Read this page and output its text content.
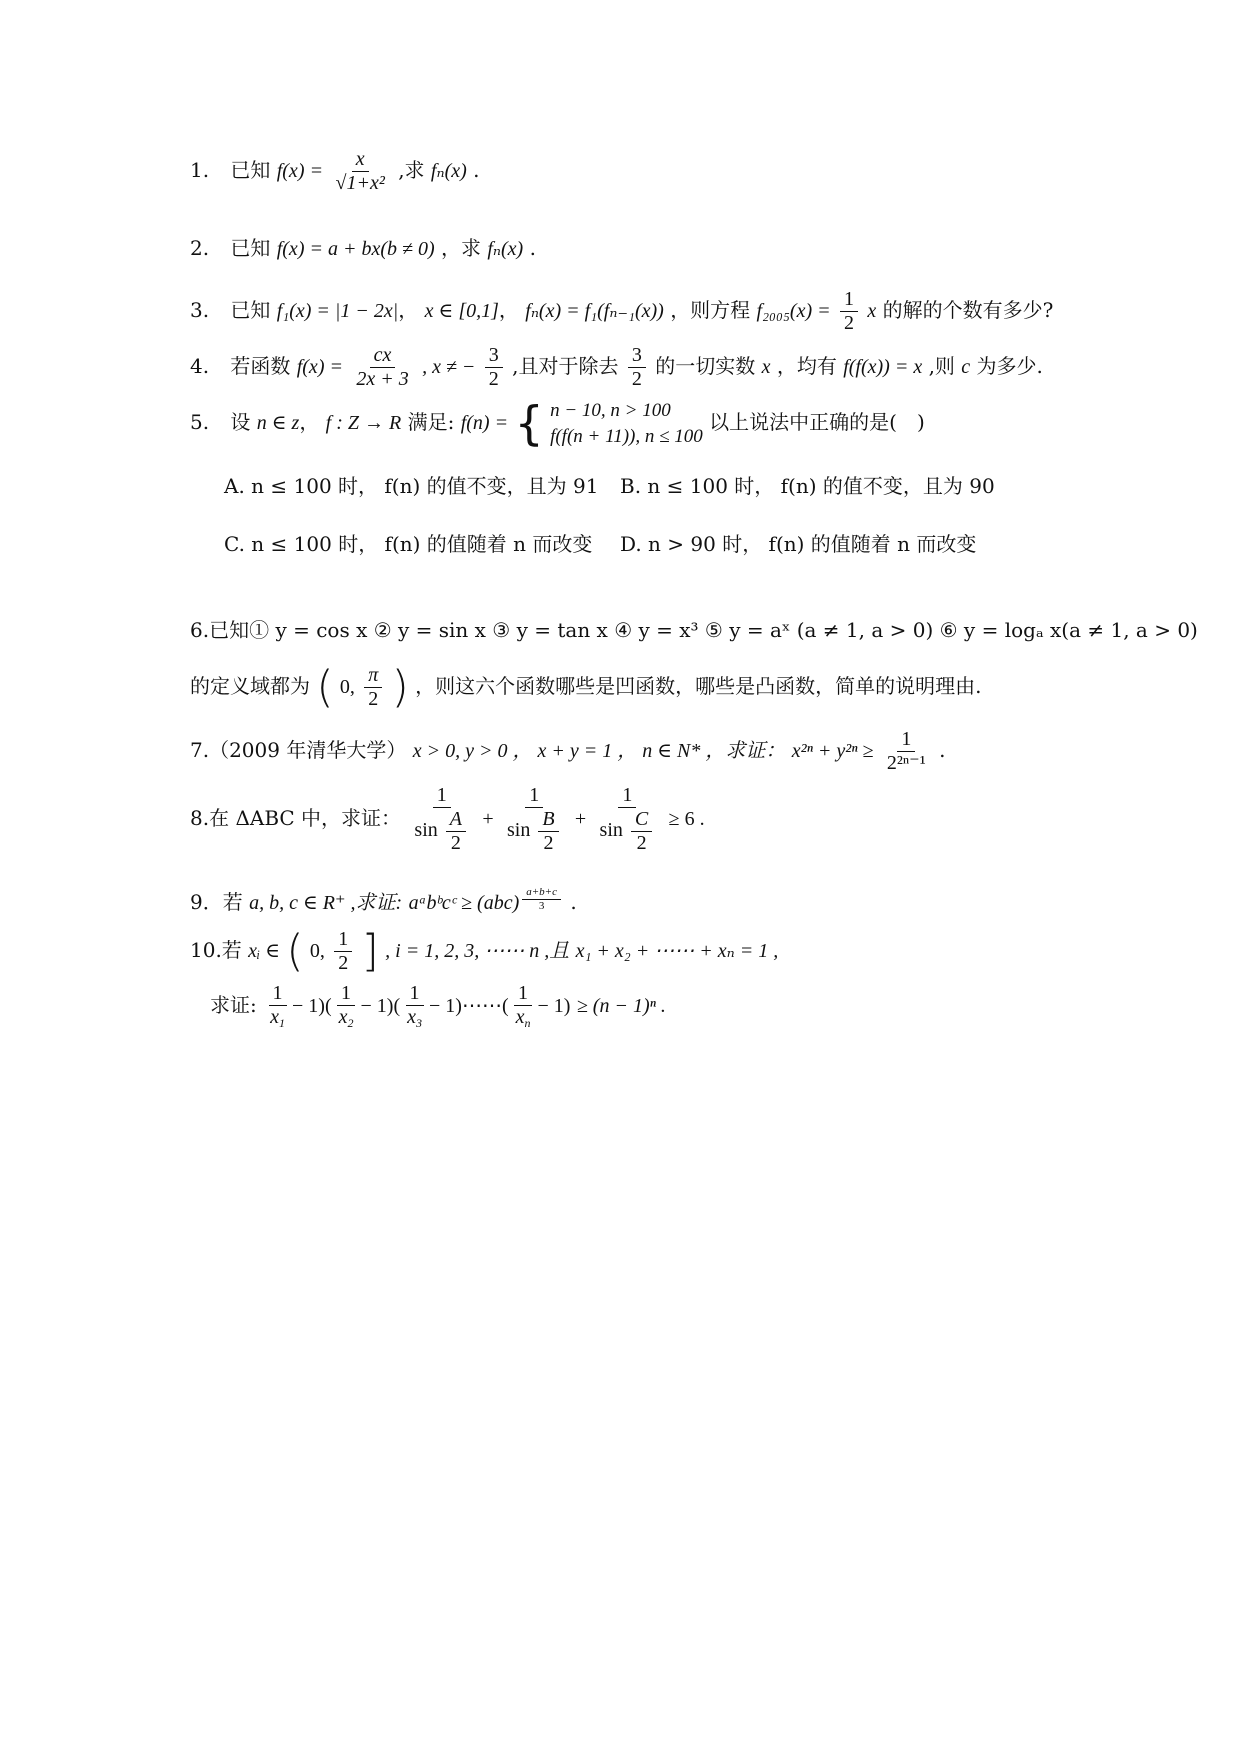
1. 已知 $f(x) = \frac{x}{\text{√1+x²}}$ ,求 fₙ(x) .
2. 已知 f(x) = a + bx(b ≠ 0) ，求 fₙ(x) .
3. 已知 f₁(x) = |1 − 2x|， x ∈ [0,1]， fₙ(x) = f₁(fₙ₋₁(x)) ，则方程 $f_{2005}(x) = \frac{1}{2}$ x 的解的个数有多少?
4. 若函数 $f(x) = \frac{cx}{2x + 3}$ , x ≠ − $\frac{3}{2}$ ,且对于除去 $\frac{3}{2}$ 的一切实数 x ，均有 f(f(x)) = x ,则 c 为多少.
5. 设 n ∈ z， f : Z → R 满足: f(n) = { n − 10, n > 100
f(f(n + 11)), n ≤ 100
以上说法中正确的是(　)
A. n ≤ 100 时， f(n) 的值不变，且为 91 B. n ≤ 100 时， f(n) 的值不变，且为 90
C. n ≤ 100 时， f(n) 的值随着 n 而改变 D. n > 90 时， f(n) 的值随着 n 而改变
6.已知① y = cos x ② y = sin x ③ y = tan x ④ y = x³ ⑤ y = aˣ (a ≠ 1, a > 0) ⑥ y = logₐ x(a ≠ 1, a > 0)
的定义域都为 ( 0, $\frac{\pi}{2}$ ) ，则这六个函数哪些是凹函数，哪些是凸函数，简单的说明理由.
7.（2009 年清华大学） x > 0, y > 0 ， x + y = 1 ， n ∈ N* ，求证： $x^{2n} + y^{2n} \ge \frac{1}{\text{2²ⁿ⁻¹}}$ .
8.在 ΔABC 中，求证： $\frac{1}{\sin \frac{A}{2}} + \frac{1}{\sin \frac{B}{2}} + \frac{1}{\sin \frac{C}{2}} \ge 6$ .
9．若 a, b, c ∈ R⁺ ,求证: aᵃbᵇcᶜ ≥ $(abc) \frac{a+b+c}{3}$ .
10.若 xᵢ ∈ ( 0, $\frac{1}{2}$ ] , i = 1, 2, 3, ⋯⋯ n ,且 x₁ + x₂ + ⋯⋯ + xₙ = 1 ,
求证: $\frac{1}{x_1} - 1)( \frac{1}{x_2} - 1)( \frac{1}{x_3}$ − 1)⋯⋯( $\frac{1}{x_n} - 1) \ge (n - 1)^n$ .
